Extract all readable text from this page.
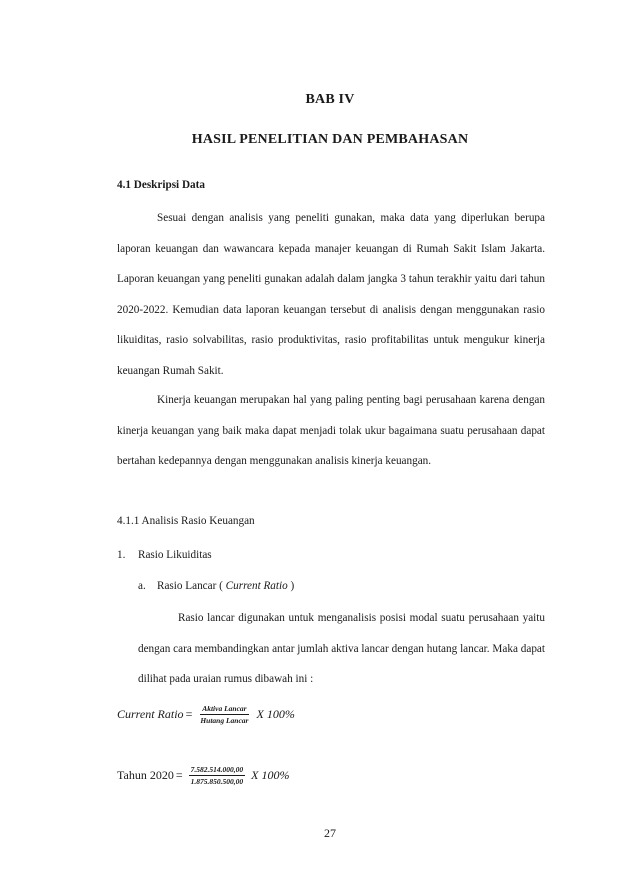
BAB IV
HASIL PENELITIAN DAN PEMBAHASAN
4.1 Deskripsi Data
Sesuai dengan analisis yang peneliti gunakan, maka data yang diperlukan berupa laporan keuangan dan wawancara kepada manajer keuangan di Rumah Sakit Islam Jakarta. Laporan keuangan yang peneliti gunakan adalah dalam jangka 3 tahun terakhir yaitu dari tahun 2020-2022. Kemudian data laporan keuangan tersebut di analisis dengan menggunakan rasio likuiditas, rasio solvabilitas, rasio produktivitas, rasio profitabilitas untuk mengukur kinerja keuangan Rumah Sakit.
Kinerja keuangan merupakan hal yang paling penting bagi perusahaan karena dengan kinerja keuangan yang baik maka dapat menjadi tolak ukur bagaimana suatu perusahaan dapat bertahan kedepannya dengan menggunakan analisis kinerja keuangan.
4.1.1 Analisis Rasio Keuangan
1. Rasio Likuiditas
a. Rasio Lancar ( Current Ratio )
Rasio lancar digunakan untuk menganalisis posisi modal suatu perusahaan yaitu dengan cara membandingkan antar jumlah aktiva lancar dengan hutang lancar. Maka dapat dilihat pada uraian rumus dibawah ini :
Current Ratio = $\frac{\text{Aktiva Lancar}}{\text{Hutang Lancar}}$ X 100%
Tahun $2020 = \frac{7.582.514.000,00}{1.875.850.500,00}$ X 100%
27
